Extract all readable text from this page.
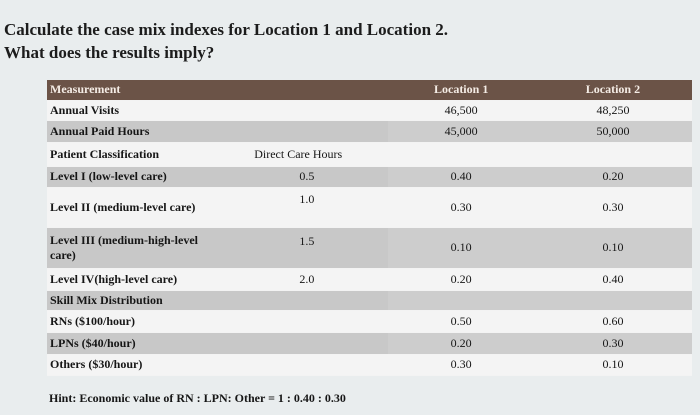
Calculate the case mix indexes for Location 1 and Location 2.
What does the results imply?
Measurement		Location 1	Location 2
Annual Visits		46,500	48,250
Annual Paid Hours		45,000	50,000
Patient Classification	Direct Care Hours		

Level I (low-level care)	0.5	0.40	0.20
Level II (medium-level care)	1.0	0.30	0.30
Level III (medium-high-level care)	1.5	0.10	0.10
Level IV(high-level care)	2.0	0.20	0.40
Skill Mix Distribution			
RNs ($100/hour)		0.50	0.60
LPNs ($40/hour)		0.20	0.30
Others ($30/hour)		0.30	0.10
Hint: Economic value of RN : LPN: Other = 1 : 0.40 : 0.30
